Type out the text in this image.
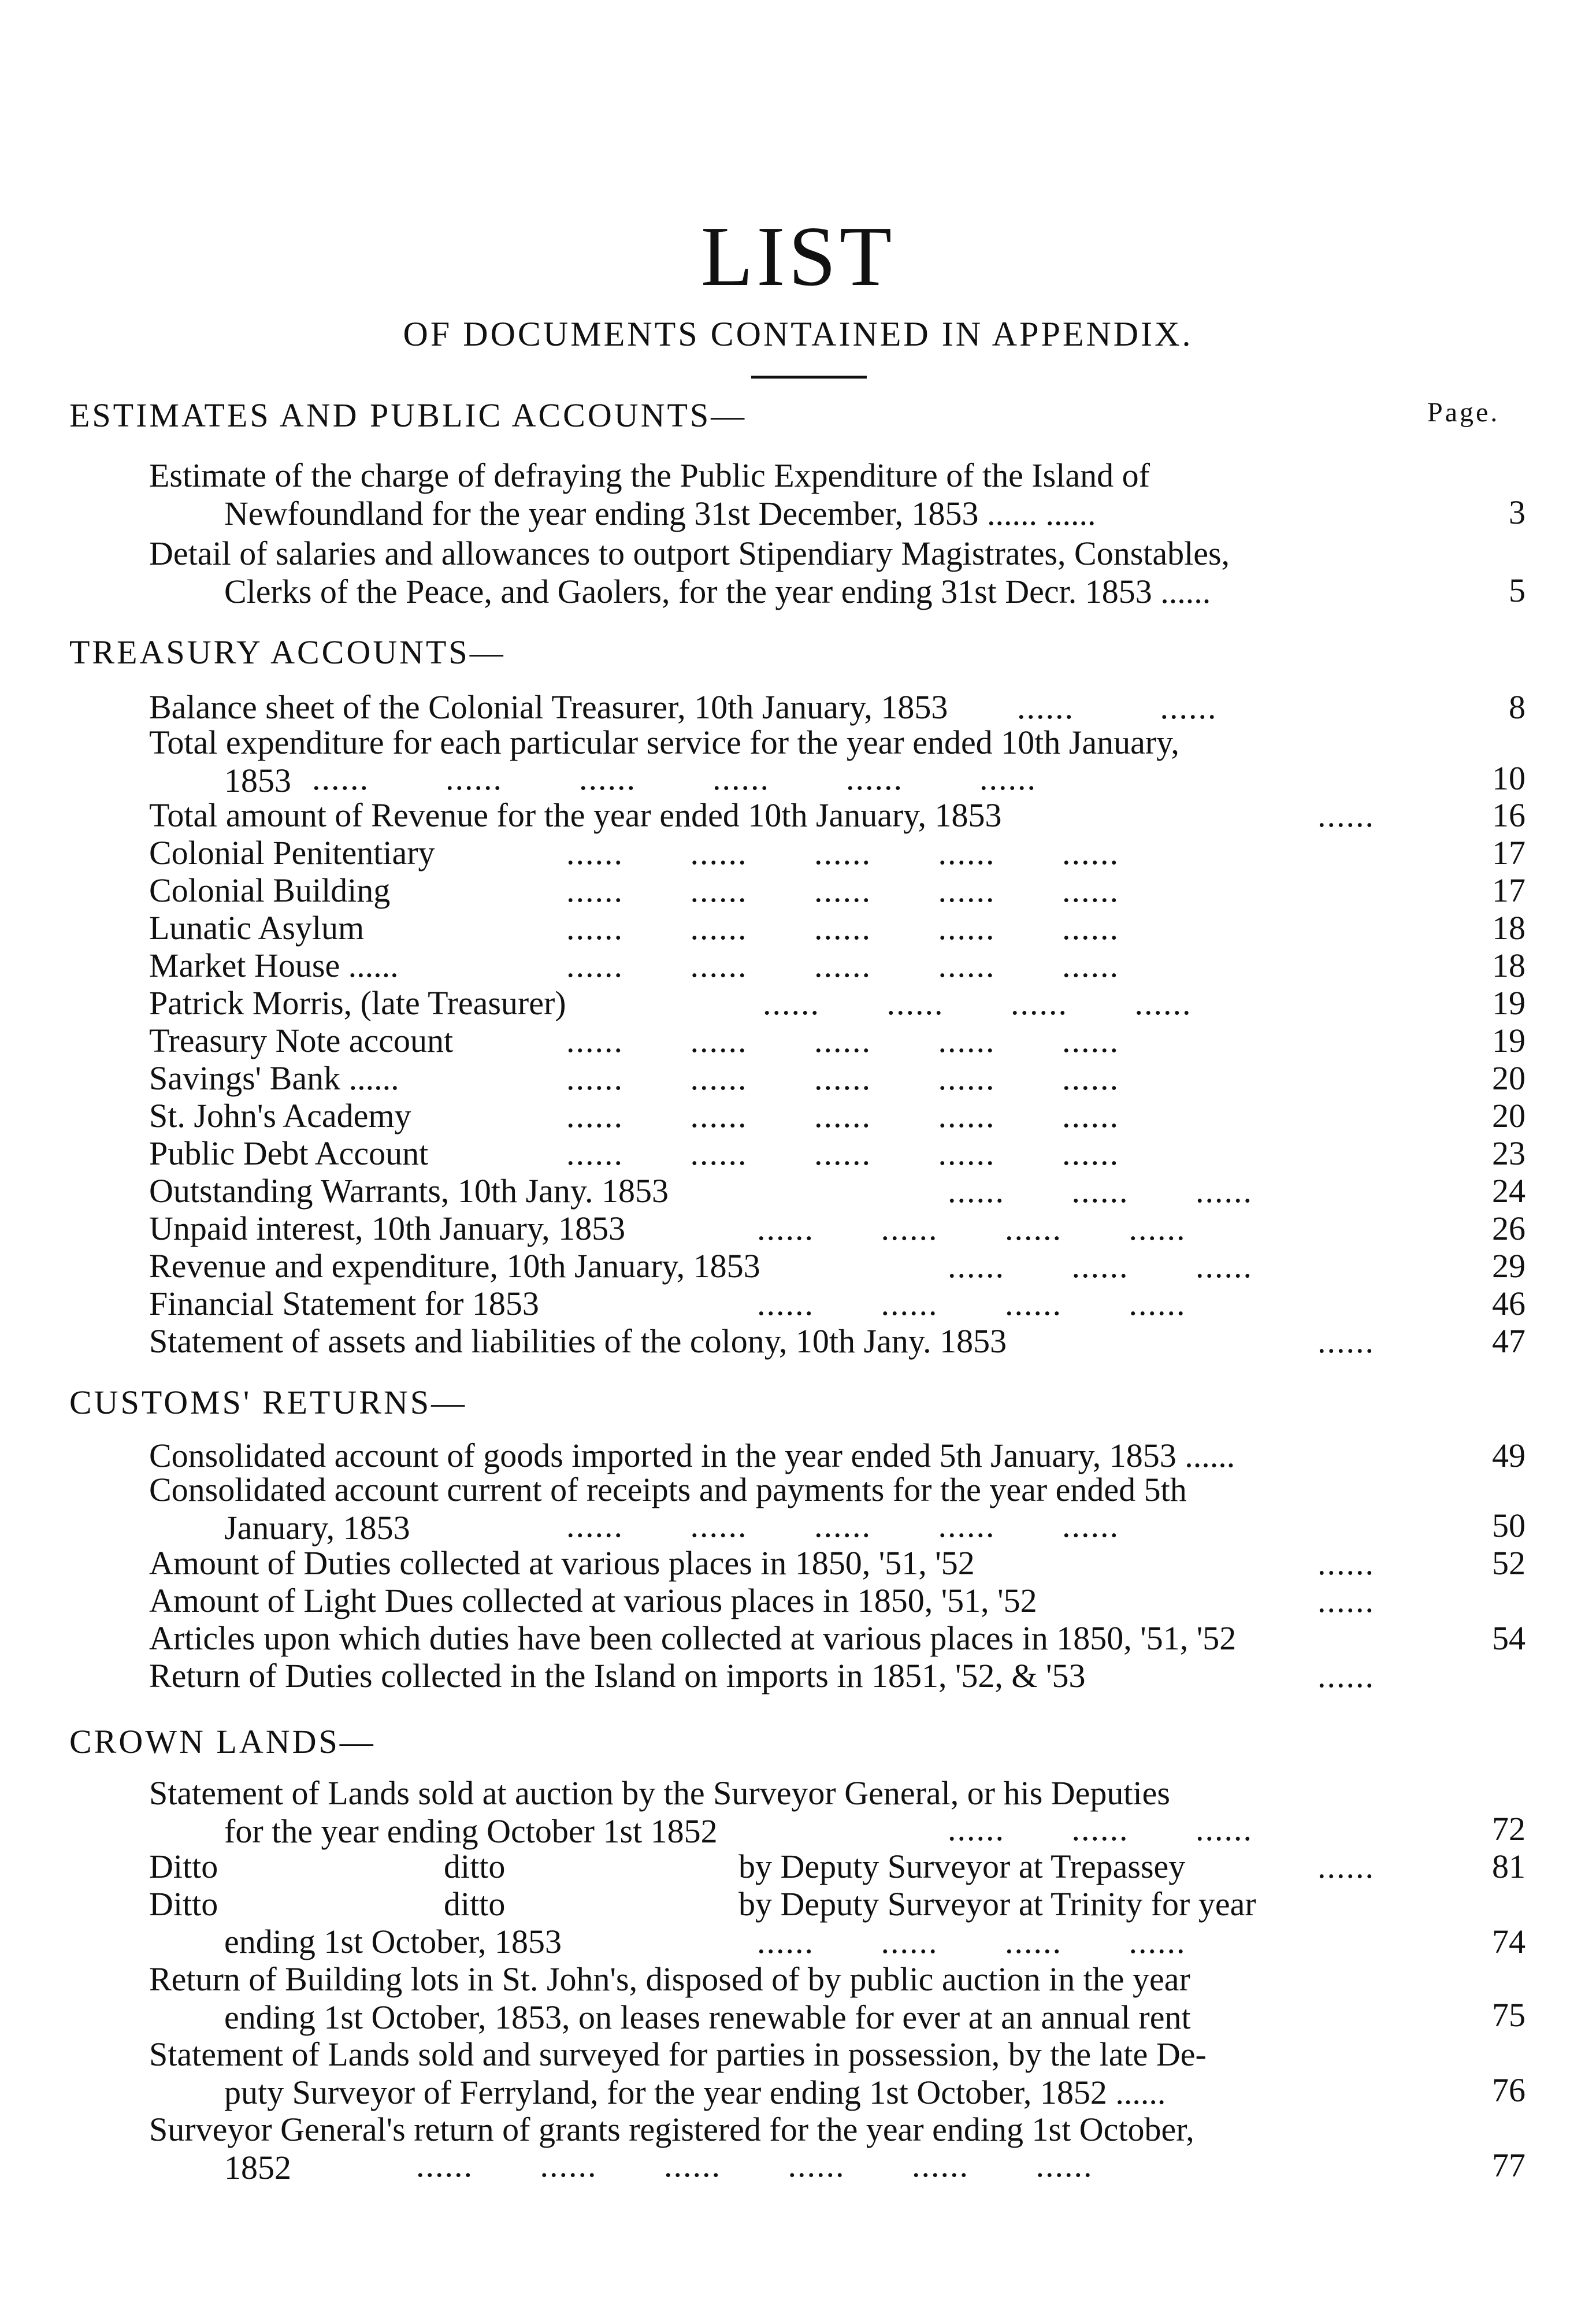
LIST
OF DOCUMENTS CONTAINED IN APPENDIX.
Page.
ESTIMATES AND PUBLIC ACCOUNTS—
Estimate of the charge of defraying the Public Expenditure of the Island of
Newfoundland for the year ending 31st December, 1853 ...... ......	3
Detail of salaries and allowances to outport Stipendiary Magistrates, Constables,
Clerks of the Peace, and Gaolers, for the year ending 31st Decr. 1853 ......	5
TREASURY ACCOUNTS—
Balance sheet of the Colonial Treasurer, 10th January, 1853	8
Total expenditure for each particular service for the year ended 10th January,
1853	10
Total amount of Revenue for the year ended 10th January, 1853	16
Colonial Penitentiary	17
Colonial Building	17
Lunatic Asylum	18
Market House ......	18
Patrick Morris, (late Treasurer)	19
Treasury Note account	19
Savings' Bank ......	20
St. John's Academy	20
Public Debt Account	23
Outstanding Warrants, 10th Jany. 1853	24
Unpaid interest, 10th January, 1853	26
Revenue and expenditure, 10th January, 1853	29
Financial Statement for 1853	46
Statement of assets and liabilities of the colony, 10th Jany. 1853	47
CUSTOMS' RETURNS—
Consolidated account of goods imported in the year ended 5th January, 1853 ......	49
Consolidated account current of receipts and payments for the year ended 5th
January, 1853	50
Amount of Duties collected at various places in 1850, '51, '52	52
Amount of Light Dues collected at various places in 1850, '51, '52
Articles upon which duties have been collected at various places in 1850, '51, '52	54
Return of Duties collected in the Island on imports in 1851, '52, & '53
CROWN LANDS—
Statement of Lands sold at auction by the Surveyor General, or his Deputies
for the year ending October 1st 1852	72
Ditto	ditto	by Deputy Surveyor at Trepassey	81
Ditto	ditto	by Deputy Surveyor at Trinity for year
ending 1st October, 1853	74
Return of Building lots in St. John's, disposed of by public auction in the year
ending 1st October, 1853, on leases renewable for ever at an annual rent	75
Statement of Lands sold and surveyed for parties in possession, by the late De-
puty Surveyor of Ferryland, for the year ending 1st October, 1852 ......	76
Surveyor General's return of grants registered for the year ending 1st October,
1852	77
......         ......
......        ......        ......        ......        ......        ......
......
......       ......       ......       ......       ......
......       ......       ......       ......       ......
......       ......       ......       ......       ......
......       ......       ......       ......       ......
......       ......       ......       ......
......       ......       ......       ......       ......
......       ......       ......       ......       ......
......       ......       ......       ......       ......
......       ......       ......       ......       ......
......       ......       ......
......       ......       ......       ......
......       ......       ......
......       ......       ......       ......
......
......       ......       ......       ......       ......
......
......
......
......       ......       ......
......
......       ......       ......       ......
......       ......       ......       ......       ......       ......
